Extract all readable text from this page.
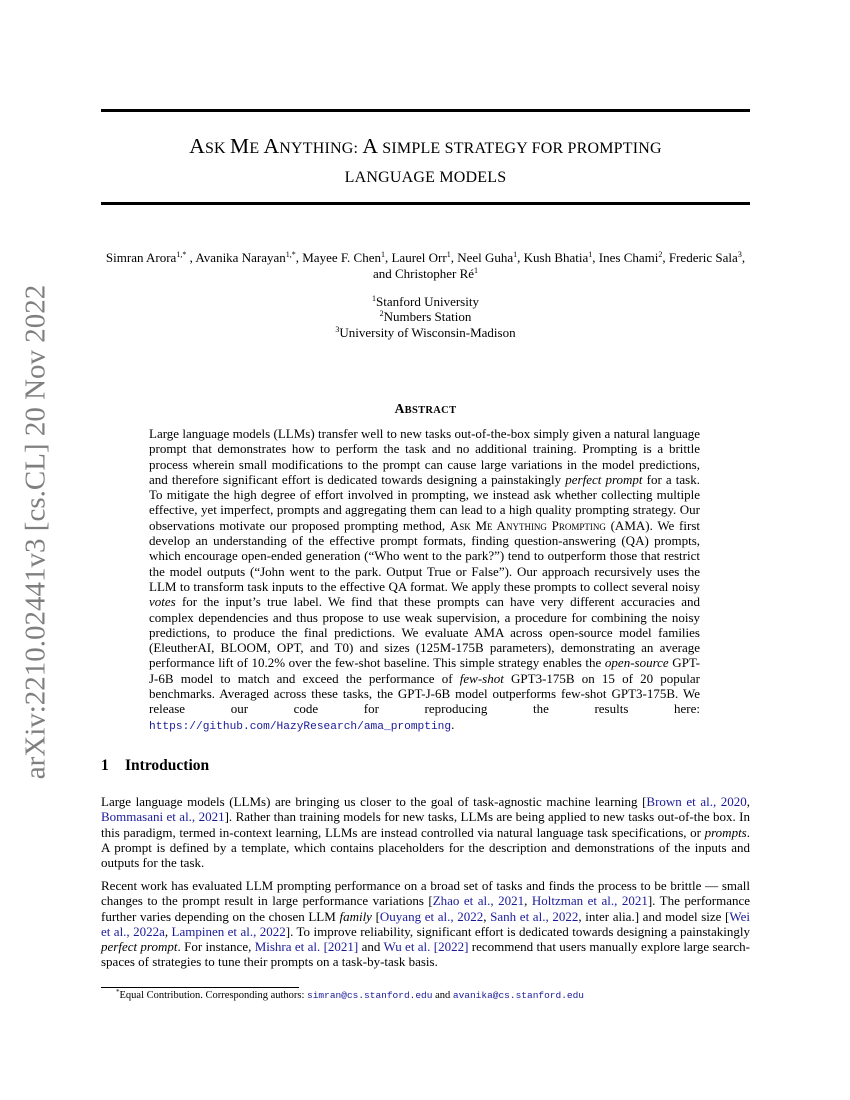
arXiv:2210.02441v3 [cs.CL] 20 Nov 2022
ASK ME ANYTHING: A SIMPLE STRATEGY FOR PROMPTING
LANGUAGE MODELS
Simran Arora$^{1,*}$ , Avanika Narayan$^{1,*}$, Mayee F. Chen$^1$, Laurel Orr$^1$, Neel Guha$^1$, Kush Bhatia$^1$, Ines Chami$^2$, Frederic Sala$^3$, and Christopher $Ré^1$
$^1$Stanford University
$^2$Numbers Station
$^3$University of Wisconsin-Madison
ABSTRACT
Large language models (LLMs) transfer well to new tasks out-of-the-box simply given a natural language prompt that demonstrates how to perform the task and no additional training. Prompting is a brittle process wherein small modifications to the prompt can cause large variations in the model predictions, and therefore significant effort is dedicated towards designing a painstakingly perfect prompt for a task. To mitigate the high degree of effort involved in prompting, we instead ask whether collecting multiple effective, yet imperfect, prompts and aggregating them can lead to a high quality prompting strategy. Our observations motivate our proposed prompting method, Ask Me Anything Prompting (AMA). We first develop an understanding of the effective prompt formats, finding question-answering (QA) prompts, which encourage open-ended generation (“Who went to the park?”) tend to outperform those that restrict the model outputs (“John went to the park. Output True or False”). Our approach recursively uses the LLM to transform task inputs to the effective QA format. We apply these prompts to collect several noisy votes for the input’s true label. We find that these prompts can have very different accuracies and complex dependencies and thus propose to use weak supervision, a procedure for combining the noisy predictions, to produce the final predictions. We evaluate AMA across open-source model families (EleutherAI, BLOOM, OPT, and T0) and sizes (125M-175B parameters), demonstrating an average performance lift of 10.2% over the few-shot baseline. This simple strategy enables the open-source GPT-J-6B model to match and exceed the performance of few-shot GPT3-175B on 15 of 20 popular benchmarks. Averaged across these tasks, the GPT-J-6B model outperforms few-shot GPT3-175B. We release our code for reproducing the results here: https://github.com/HazyResearch/ama_prompting.
1 Introduction

Large language models (LLMs) are bringing us closer to the goal of task-agnostic machine learning [Brown et al., 2020, Bommasani et al., 2021]. Rather than training models for new tasks, LLMs are being applied to new tasks out-of-the box. In this paradigm, termed in-context learning, LLMs are instead controlled via natural language task specifications, or prompts. A prompt is defined by a template, which contains placeholders for the description and demonstrations of the inputs and outputs for the task.

Recent work has evaluated LLM prompting performance on a broad set of tasks and finds the process to be brittle — small changes to the prompt result in large performance variations [Zhao et al., 2021, Holtzman et al., 2021]. The performance further varies depending on the chosen LLM family [Ouyang et al., 2022, Sanh et al., 2022, inter alia.] and model size [Wei et al., 2022a, Lampinen et al., 2022]. To improve reliability, significant effort is dedicated towards designing a painstakingly perfect prompt. For instance, Mishra et al. [2021] and Wu et al. [2022] recommend that users manually explore large search-spaces of strategies to tune their prompts on a task-by-task basis.

*Equal Contribution. Corresponding authors: simran@cs.stanford.edu and avanika@cs.stanford.edu
